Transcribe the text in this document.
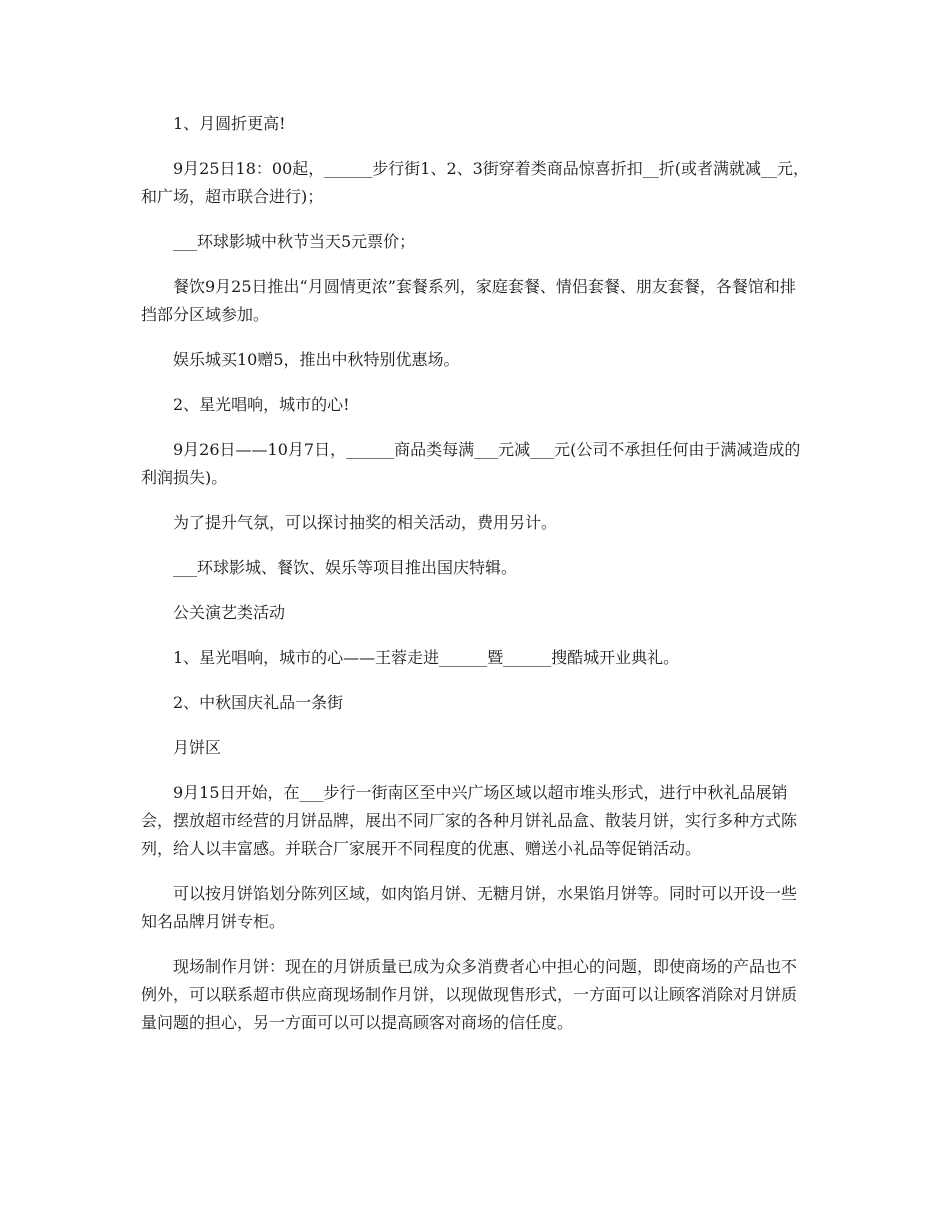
1、月圆折更高!

9月25日18：00起，______步行街1、2、3街穿着类商品惊喜折扣__折(或者满就减__元，和广场，超市联合进行)；

___环球影城中秋节当天5元票价；

餐饮9月25日推出“月圆情更浓”套餐系列，家庭套餐、情侣套餐、朋友套餐，各餐馆和排挡部分区域参加。

娱乐城买10赠5，推出中秋特别优惠场。

2、星光唱响，城市的心!

9月26日——10月7日，______商品类每满___元减___元(公司不承担任何由于满减造成的利润损失)。

为了提升气氛，可以探讨抽奖的相关活动，费用另计。

___环球影城、餐饮、娱乐等项目推出国庆特辑。

公关演艺类活动

1、星光唱响，城市的心——王蓉走进______暨______搜酷城开业典礼。

2、中秋国庆礼品一条街

月饼区

9月15日开始，在___步行一街南区至中兴广场区域以超市堆头形式，进行中秋礼品展销会，摆放超市经营的月饼品牌，展出不同厂家的各种月饼礼品盒、散装月饼，实行多种方式陈列，给人以丰富感。并联合厂家展开不同程度的优惠、赠送小礼品等促销活动。

可以按月饼馅划分陈列区域，如肉馅月饼、无糖月饼，水果馅月饼等。同时可以开设一些知名品牌月饼专柜。

现场制作月饼：现在的月饼质量已成为众多消费者心中担心的问题，即使商场的产品也不例外，可以联系超市供应商现场制作月饼，以现做现售形式，一方面可以让顾客消除对月饼质量问题的担心，另一方面可以可以提高顾客对商场的信任度。
